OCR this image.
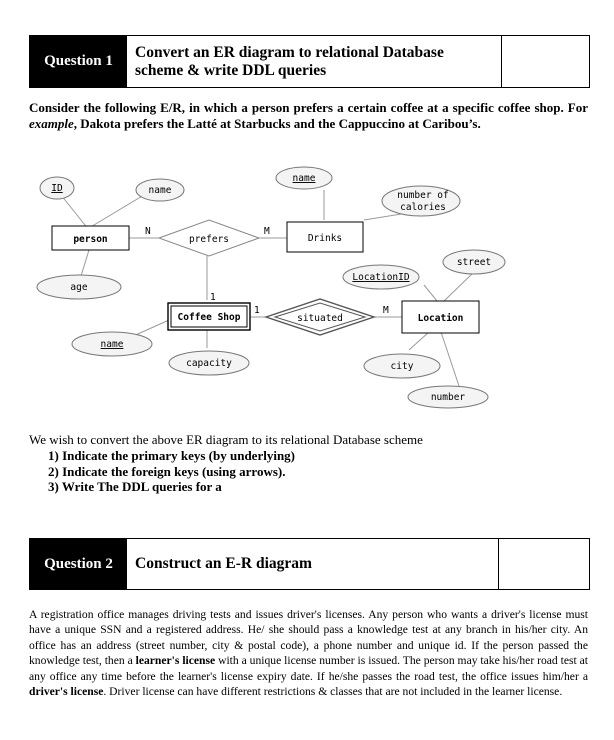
Question 1
Convert an ER diagram to relational Database
scheme & write DDL queries
Consider the following E/R, in which a person prefers a certain coffee at a specific coffee shop. For example, Dakota prefers the Latté at Starbucks and the Cappuccino at Caribou’s.
person	Drinks
Coffee Shop	Location
prefers
situated
ID	name
age
name
number of
calories
street
LocationID
name
capacity	city
number
N	M
1
1	M
We wish to convert the above ER diagram to its relational Database scheme
1) Indicate the primary keys (by underlying)
2) Indicate the foreign keys (using arrows).
3) Write The DDL queries for a
Question 2	Construct an E-R diagram
A registration office manages driving tests and issues driver's licenses. Any person who wants a driver's license must have a unique SSN and a registered address. He/ she should pass a knowledge test at any branch in his/her city. An office has an address (street number, city & postal code), a phone number and unique id. If the person passed the knowledge test, then a learner's license with a unique license number is issued. The person may take his/her road test at any office any time before the learner's license expiry date. If he/she passes the road test, the office issues him/her a driver's license. Driver license can have different restrictions & classes that are not included in the learner license.
